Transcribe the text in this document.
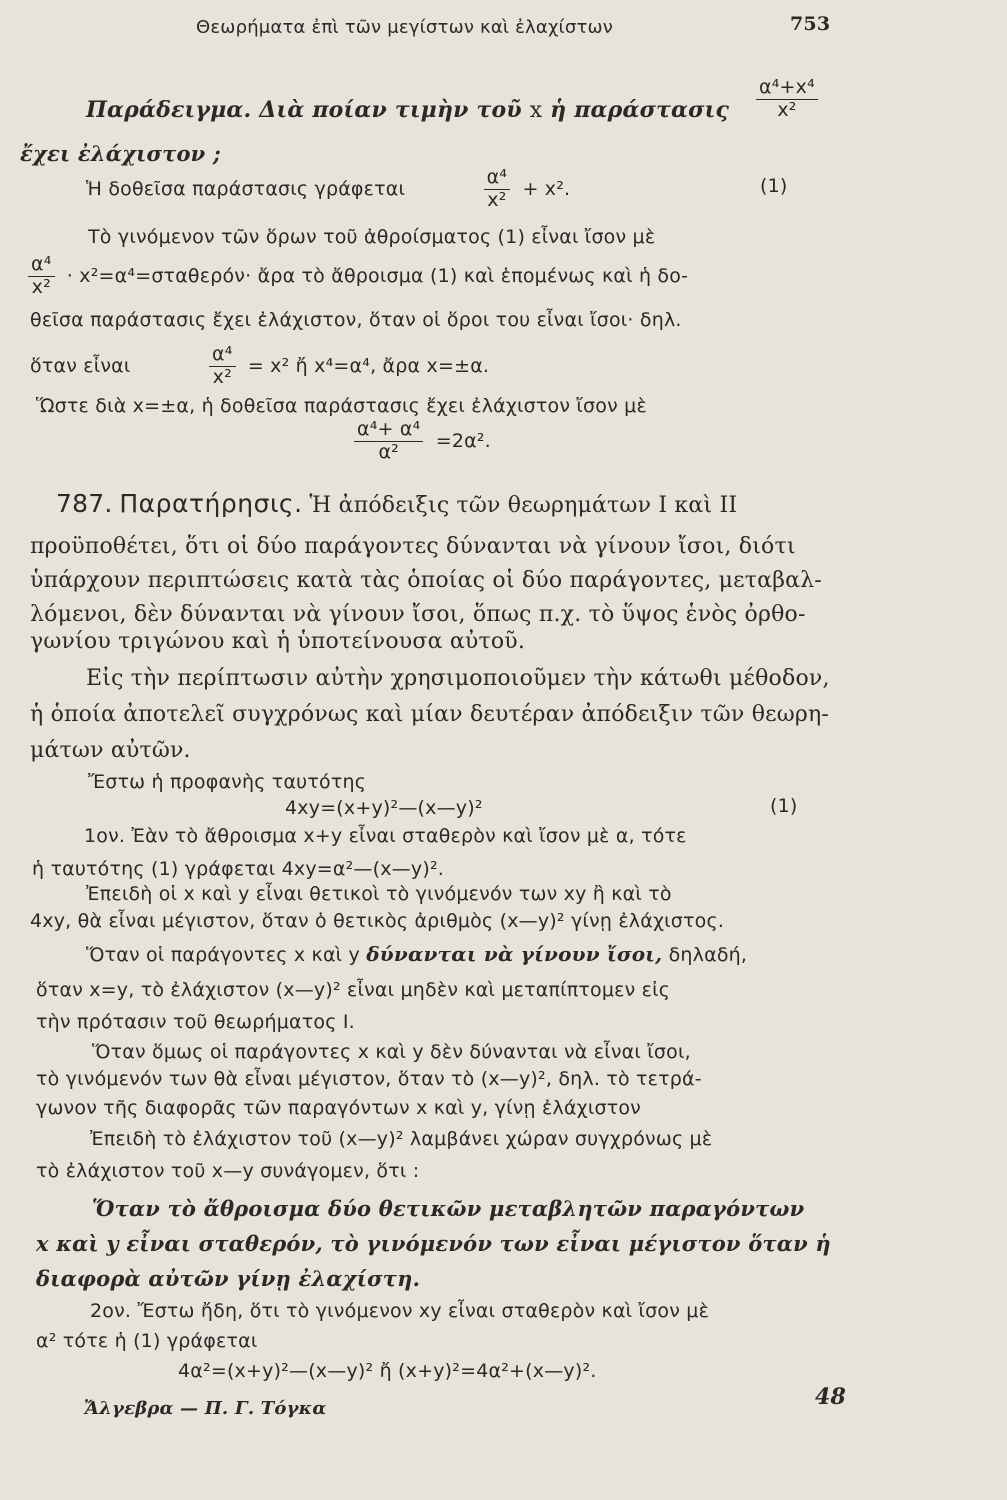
Θεωρήματα ἐπὶ τῶν μεγίστων καὶ ἐλαχίστων	753
Παράδειγμα. Διὰ ποίαν τιμὴν τοῦ x ἡ παράστασις $\frac{\text{α⁴+x⁴}}{\text{x²}}$
ἔχει ἐλάχιστον ;
Ἡ δοθεῖσα παράστασις γράφεται	$\frac{\text{α⁴}}{\text{x²}} + x^2$.	(1)
Τὸ γινόμενον τῶν ὅρων τοῦ ἀθροίσματος (1) εἶναι ἴσον μὲ
$\frac{\text{α⁴}}{\text{x²}} \cdot x^2=\alpha^4=\sigma\tau\alpha\theta\varepsilon\rho ό\nu\cdot$ ἄρα τὸ ἄθροισμα (1) καὶ ἑπομένως καὶ ἡ δο-
θεῖσα παράστασις ἔχει ἐλάχιστον, ὅταν οἱ ὅροι του εἶναι ἴσοι· δηλ.
ὅταν εἶναι	$\frac{\text{α⁴}}{\text{x²}} = x^2$ ἤ x⁴=α⁴, ἄρα x=±α.
Ὥστε διὰ x=±α, ἡ δοθεῖσα παράστασις ἔχει ἐλάχιστον ἴσον μὲ
$\frac{\text{α⁴+ α⁴}}{\text{α²}} =2\alpha^2$.
787. Παρατήρησις. Ἡ ἀπόδειξις τῶν θεωρημάτων I καὶ II
προϋποθέτει, ὅτι οἱ δύο παράγοντες δύνανται νὰ γίνουν ἴσοι, διότι
ὑπάρχουν περιπτώσεις κατὰ τὰς ὁποίας οἱ δύο παράγοντες, μεταβαλ-
λόμενοι, δὲν δύνανται νὰ γίνουν ἴσοι, ὅπως π.χ. τὸ ὕψος ἑνὸς ὀρθο-
γωνίου τριγώνου καὶ ἡ ὑποτείνουσα αὐτοῦ.
Εἰς τὴν περίπτωσιν αὐτὴν χρησιμοποιοῦμεν τὴν κάτωθι μέθοδον,
ἡ ὁποία ἀποτελεῖ συγχρόνως καὶ μίαν δευτέραν ἀπόδειξιν τῶν θεωρη-
μάτων αὐτῶν.
Ἔστω ἡ προφανὴς ταυτότης
4xy=(x+y)²—(x—y)²	(1)
1ον. Ἐὰν τὸ ἄθροισμα x+y εἶναι σταθερὸν καὶ ἴσον μὲ α, τότε
ἡ ταυτότης (1) γράφεται 4xy=α²—(x—y)².
Ἐπειδὴ οἱ x καὶ y εἶναι θετικοὶ τὸ γινόμενόν των xy ἢ καὶ τὸ
4xy, θὰ εἶναι μέγιστον, ὅταν ὁ θετικὸς ἀριθμὸς (x—y)² γίνῃ ἐλάχιστος.
Ὅταν οἱ παράγοντες x καὶ y δύνανται νὰ γίνουν ἴσοι, δηλαδή,
ὅταν x=y, τὸ ἐλάχιστον (x—y)² εἶναι μηδὲν καὶ μεταπίπτομεν εἰς
τὴν πρότασιν τοῦ θεωρήματος I.
Ὅταν ὅμως οἱ παράγοντες x καὶ y δὲν δύνανται νὰ εἶναι ἴσοι,
τὸ γινόμενόν των θὰ εἶναι μέγιστον, ὅταν τὸ (x—y)², δηλ. τὸ τετρά-
γωνον τῆς διαφορᾶς τῶν παραγόντων x καὶ y, γίνῃ ἐλάχιστον
Ἐπειδὴ τὸ ἐλάχιστον τοῦ (x—y)² λαμβάνει χώραν συγχρόνως μὲ
τὸ ἐλάχιστον τοῦ x—y συνάγομεν, ὅτι :
Ὅταν τὸ ἄθροισμα δύο θετικῶν μεταβλητῶν παραγόντων
x καὶ y εἶναι σταθερόν, τὸ γινόμενόν των εἶναι μέγιστον ὅταν ἡ
διαφορὰ αὐτῶν γίνῃ ἐλαχίστη.
2ον. Ἔστω ἤδη, ὅτι τὸ γινόμενον xy εἶναι σταθερὸν καὶ ἴσον μὲ
α² τότε ἡ (1) γράφεται
4α²=(x+y)²—(x—y)² ἤ (x+y)²=4α²+(x—y)².
Ἄλγεβρα — Π. Γ. Τόγκα	48
